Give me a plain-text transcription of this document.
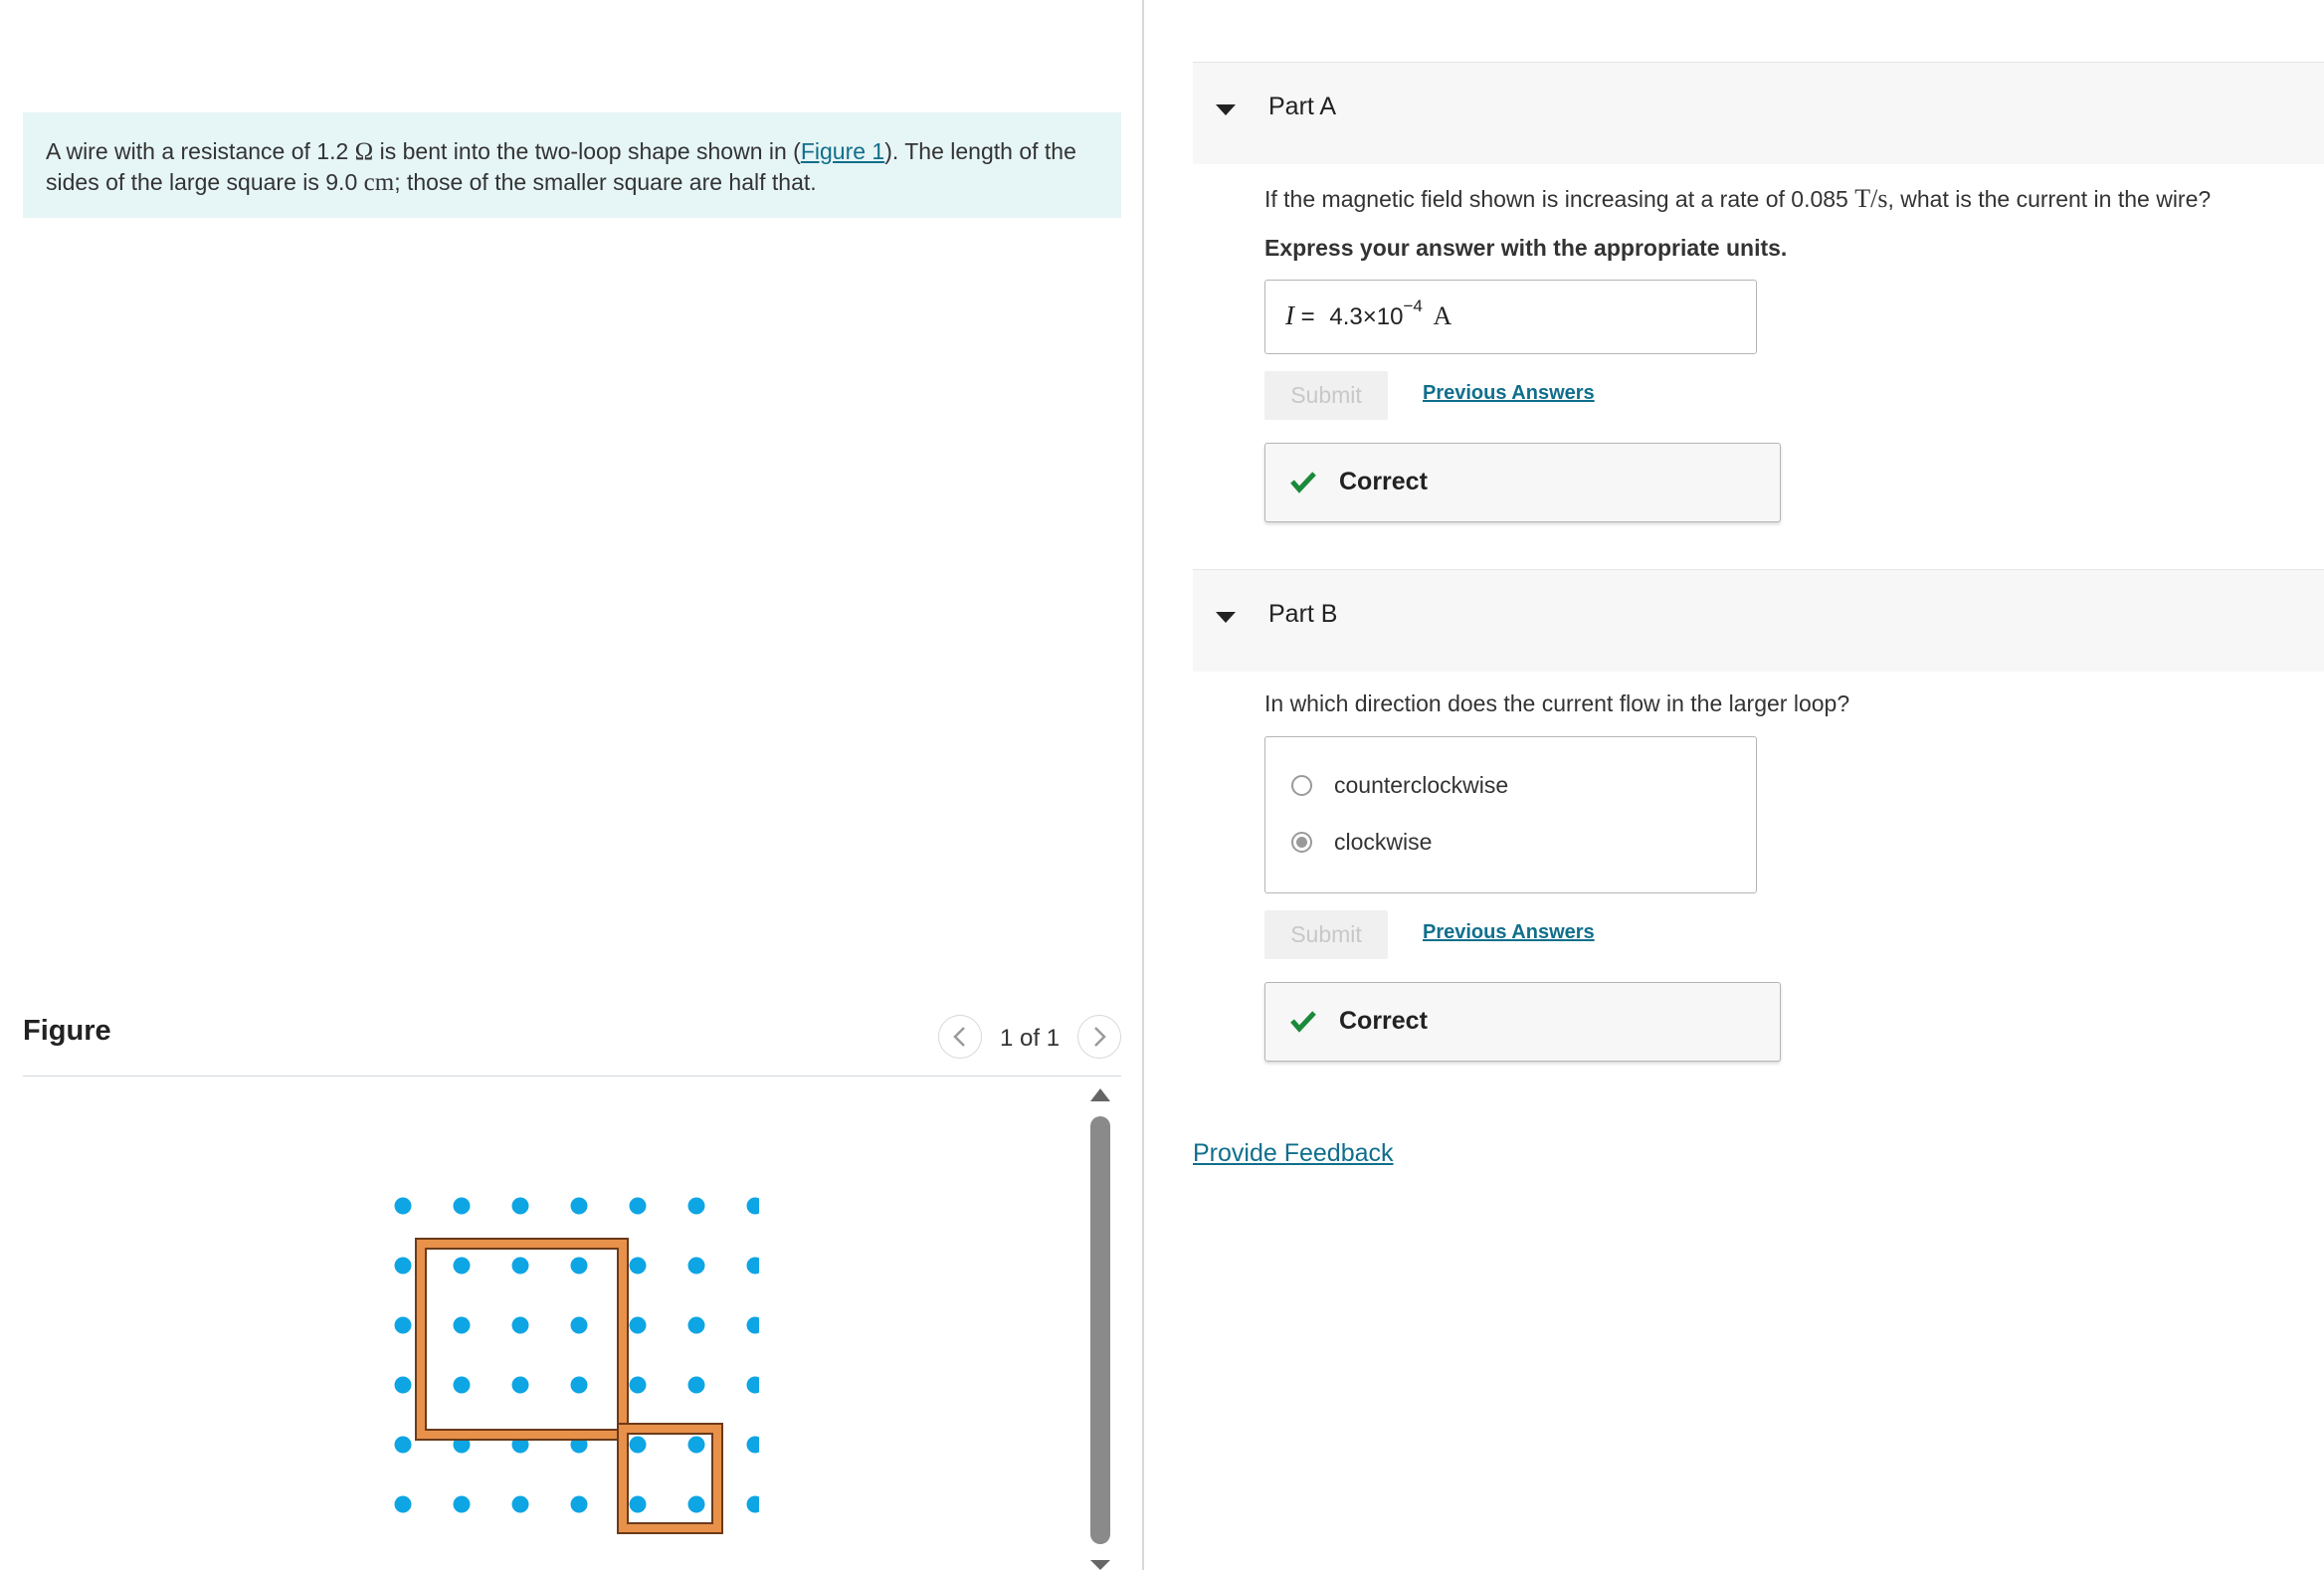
A wire with a resistance of 1.2 Ω is bent into the two-loop shape shown in (Figure 1). The length of the sides of the large square is 9.0 cm; those of the smaller square are half that.
Figure	1 of 1
Part A
If the magnetic field shown is increasing at a rate of 0.085 T/s, what is the current in the wire?
Express your answer with the appropriate units.
$I = 4.3\times 10^{-4}$ A
Submit	Previous Answers
Correct
Part B
In which direction does the current flow in the larger loop?
counterclockwise
clockwise
Submit	Previous Answers
Correct
Provide Feedback
